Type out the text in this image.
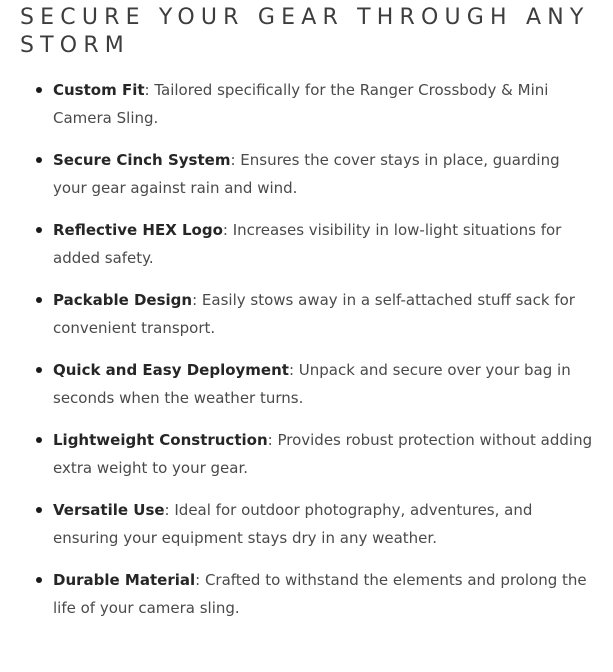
SECURE YOUR GEAR THROUGH ANY STORM
Custom Fit: Tailored specifically for the Ranger Crossbody & Mini Camera Sling.
Secure Cinch System: Ensures the cover stays in place, guarding your gear against rain and wind.
Reflective HEX Logo: Increases visibility in low-light situations for added safety.
Packable Design: Easily stows away in a self-attached stuff sack for convenient transport.
Quick and Easy Deployment: Unpack and secure over your bag in seconds when the weather turns.
Lightweight Construction: Provides robust protection without adding extra weight to your gear.
Versatile Use: Ideal for outdoor photography, adventures, and ensuring your equipment stays dry in any weather.
Durable Material: Crafted to withstand the elements and prolong the life of your camera sling.
